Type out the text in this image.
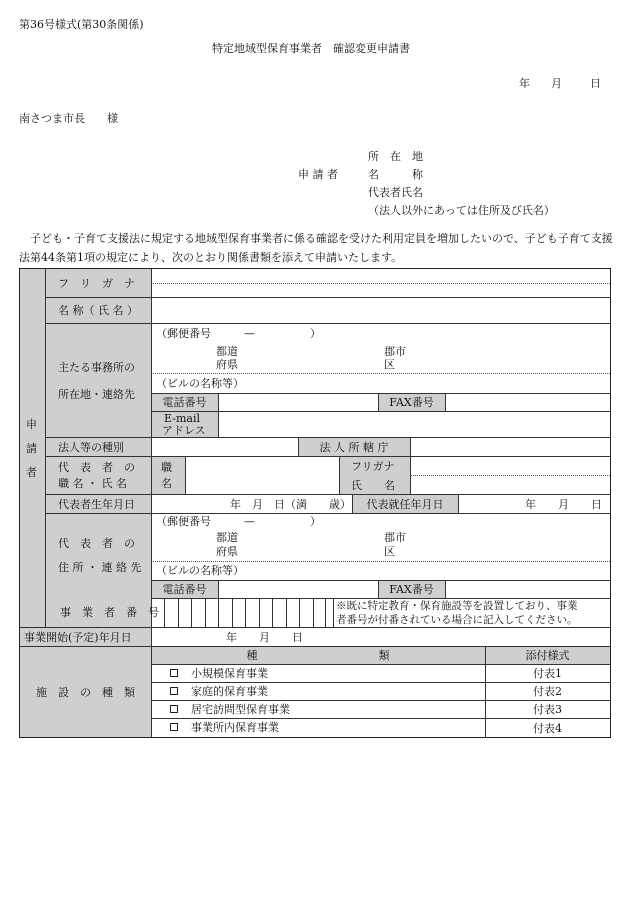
第36号様式(第30条関係)
特定地域型保育事業者　確認変更申請書
年 月	日
南さつま市長　　様
申 請 者
所　在　地
名　　　称
代表者氏名
（法人以外にあっては住所及び氏名）
　子ども・子育て支援法に規定する地域型保育事業者に係る確認を受けた利用定員を増加したいので、子ども子育て支援法第44条第1項の規定により、次のとおり関係書類を添えて申請いたします。
申
請
者
フ　リ　ガ　ナ
名 称（ 氏 名 ）
主たる事務所の
所在地・連絡先
（郵便番号　　　—　　　　　）
都道
府県
郡市
区
（ビルの名称等）
電話番号	FAX番号
E-mail
アドレス
法人等の種別	法 人 所 轄 庁
代　表　者　の
職 名 ・ 氏 名
職
名
フリガナ
氏　　名
代表者生年月日	年　月　日（満　　歳）	代表就任年月日	年　　月　　日
代　表　者　の
住 所 ・ 連 絡 先
（郵便番号　　　—　　　　　）
都道
府県
郡市
区
（ビルの名称等）
電話番号	FAX番号
事　業　者　番　号	※既に特定教育・保育施設等を設置しており、事業
者番号が付番されている場合に記入してください。
事業開始(予定)年月日	年　　月　　日
施　設　の　種　類
種　　　　　　　　　　　類	添付様式
小規模保育事業	付表1
家庭的保育事業	付表2
居宅訪問型保育事業	付表3
事業所内保育事業	付表4
